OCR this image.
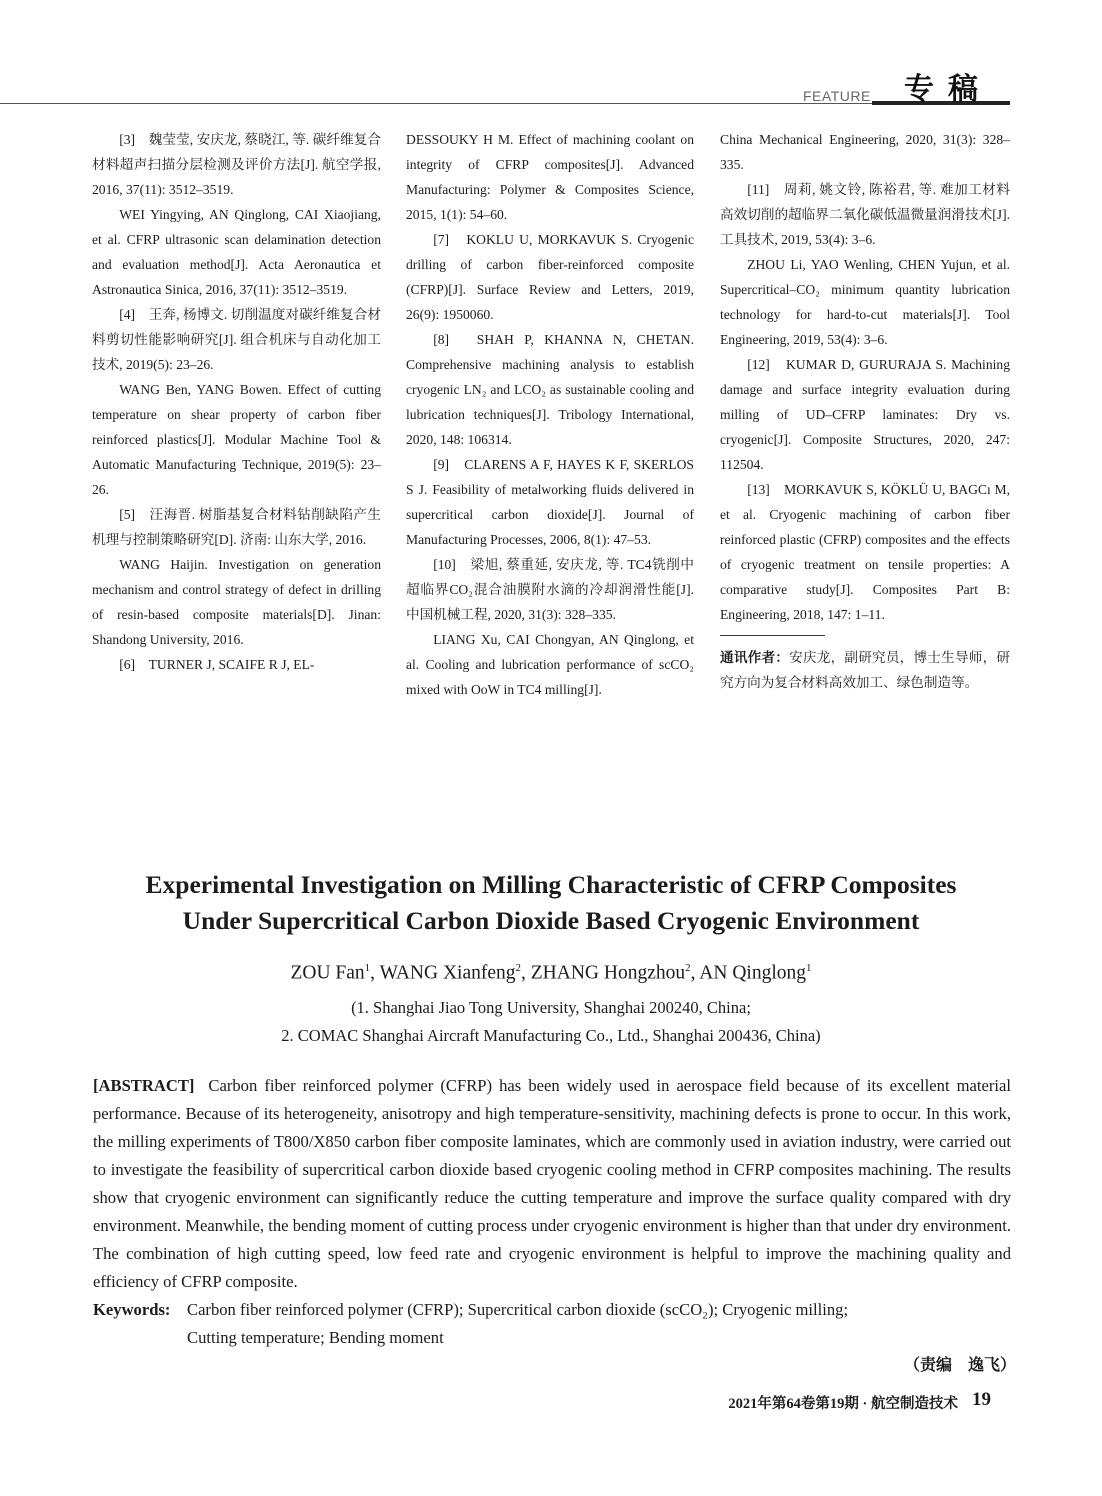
FEATURE 专稿

[3]　魏莹莹, 安庆龙, 蔡晓江, 等. 碳纤维复合材料超声扫描分层检测及评价方法[J]. 航空学报, 2016, 37(11): 3512–3519.

WEI Yingying, AN Qinglong, CAI Xiaojiang, et al. CFRP ultrasonic scan delamination detection and evaluation method[J]. Acta Aeronautica et Astronautica Sinica, 2016, 37(11): 3512–3519.

[4]　王奔, 杨博文. 切削温度对碳纤维复合材料剪切性能影响研究[J]. 组合机床与自动化加工技术, 2019(5): 23–26.

WANG Ben, YANG Bowen. Effect of cutting temperature on shear property of carbon fiber reinforced plastics[J]. Modular Machine Tool & Automatic Manufacturing Technique, 2019(5): 23–26.

[5]　汪海晋. 树脂基复合材料钻削缺陷产生机理与控制策略研究[D]. 济南: 山东大学, 2016.

WANG Haijin. Investigation on generation mechanism and control strategy of defect in drilling of resin-based composite materials[D]. Jinan: Shandong University, 2016.

[6]　TURNER J, SCAIFE R J, EL-

DESSOUKY H M. Effect of machining coolant on integrity of CFRP composites[J]. Advanced Manufacturing: Polymer & Composites Science, 2015, 1(1): 54–60.

[7]　KOKLU U, MORKAVUK S. Cryogenic drilling of carbon fiber-reinforced composite (CFRP)[J]. Surface Review and Letters, 2019, 26(9): 1950060.

[8]　SHAH P, KHANNA N, CHETAN. Comprehensive machining analysis to establish cryogenic LN₂ and LCO₂ as sustainable cooling and lubrication techniques[J]. Tribology International, 2020, 148: 106314.

[9]　CLARENS A F, HAYES K F, SKERLOS S J. Feasibility of metalworking fluids delivered in supercritical carbon dioxide[J]. Journal of Manufacturing Processes, 2006, 8(1): 47–53.

[10]　梁旭, 蔡重延, 安庆龙, 等. TC4铣削中超临界CO₂混合油膜附水滴的冷却润滑性能[J]. 中国机械工程, 2020, 31(3): 328–335.

LIANG Xu, CAI Chongyan, AN Qinglong, et al. Cooling and lubrication performance of scCO₂ mixed with OoW in TC4 milling[J].

China Mechanical Engineering, 2020, 31(3): 328–335.

[11]　周莉, 姚文铃, 陈裕君, 等. 难加工材料高效切削的超临界二氧化碳低温微量润滑技术[J]. 工具技术, 2019, 53(4): 3–6.

ZHOU Li, YAO Wenling, CHEN Yujun, et al. Supercritical–CO₂ minimum quantity lubrication technology for hard-to-cut materials[J]. Tool Engineering, 2019, 53(4): 3–6.

[12]　KUMAR D, GURURAJA S. Machining damage and surface integrity evaluation during milling of UD–CFRP laminates: Dry vs. cryogenic[J]. Composite Structures, 2020, 247: 112504.

[13]　MORKAVUK S, KÖKLÜ U, BAGCı M, et al. Cryogenic machining of carbon fiber reinforced plastic (CFRP) composites and the effects of cryogenic treatment on tensile properties: A comparative study[J]. Composites Part B: Engineering, 2018, 147: 1–11.

通讯作者：安庆龙，副研究员，博士生导师，研究方向为复合材料高效加工、绿色制造等。
Experimental Investigation on Milling Characteristic of CFRP Composites
Under Supercritical Carbon Dioxide Based Cryogenic Environment
ZOU Fan$^1$, WANG Xianfeng$^2$, ZHANG Hongzhou$^2$, AN Qinglong$^1$
(1. Shanghai Jiao Tong University, Shanghai 200240, China;
2. COMAC Shanghai Aircraft Manufacturing Co., Ltd., Shanghai 200436, China)
[ABSTRACT] Carbon fiber reinforced polymer (CFRP) has been widely used in aerospace field because of its excellent material performance. Because of its heterogeneity, anisotropy and high temperature-sensitivity, machining defects is prone to occur. In this work, the milling experiments of T800/X850 carbon fiber composite laminates, which are commonly used in aviation industry, were carried out to investigate the feasibility of supercritical carbon dioxide based cryogenic cooling method in CFRP composites machining. The results show that cryogenic environment can significantly reduce the cutting temperature and improve the surface quality compared with dry environment. Meanwhile, the bending moment of cutting process under cryogenic environment is higher than that under dry environment. The combination of high cutting speed, low feed rate and cryogenic environment is helpful to improve the machining quality and efficiency of CFRP composite.
Keywords: Carbon fiber reinforced polymer (CFRP); Supercritical carbon dioxide (scCO₂); Cryogenic milling;
Cutting temperature; Bending moment
（责编　逸飞）
2021年第64卷第19期 · 航空制造技术 19
